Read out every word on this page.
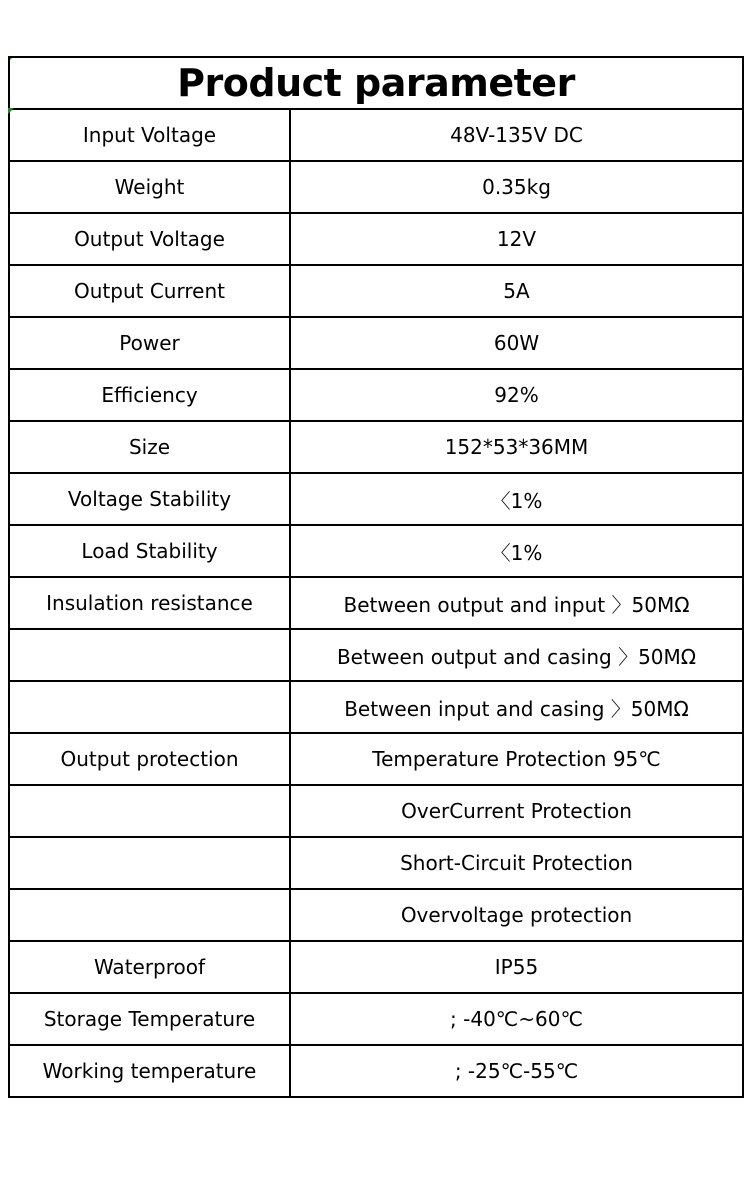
Product parameter
Input Voltage	48V-135V DC
Weight	0.35kg
Output Voltage	12V
Output Current	5A
Power	60W
Efficiency	92%
Size	152*53*36MM
Voltage Stability	〈1%
Load Stability	〈1%
Insulation resistance	Between output and input 〉50MΩ
Between output and casing 〉50MΩ
Between input and casing 〉50MΩ
Output protection	Temperature Protection 95℃
OverCurrent Protection
Short-Circuit Protection
Overvoltage protection
Waterproof	IP55
Storage Temperature	; -40℃~60℃
Working temperature	; -25℃-55℃
